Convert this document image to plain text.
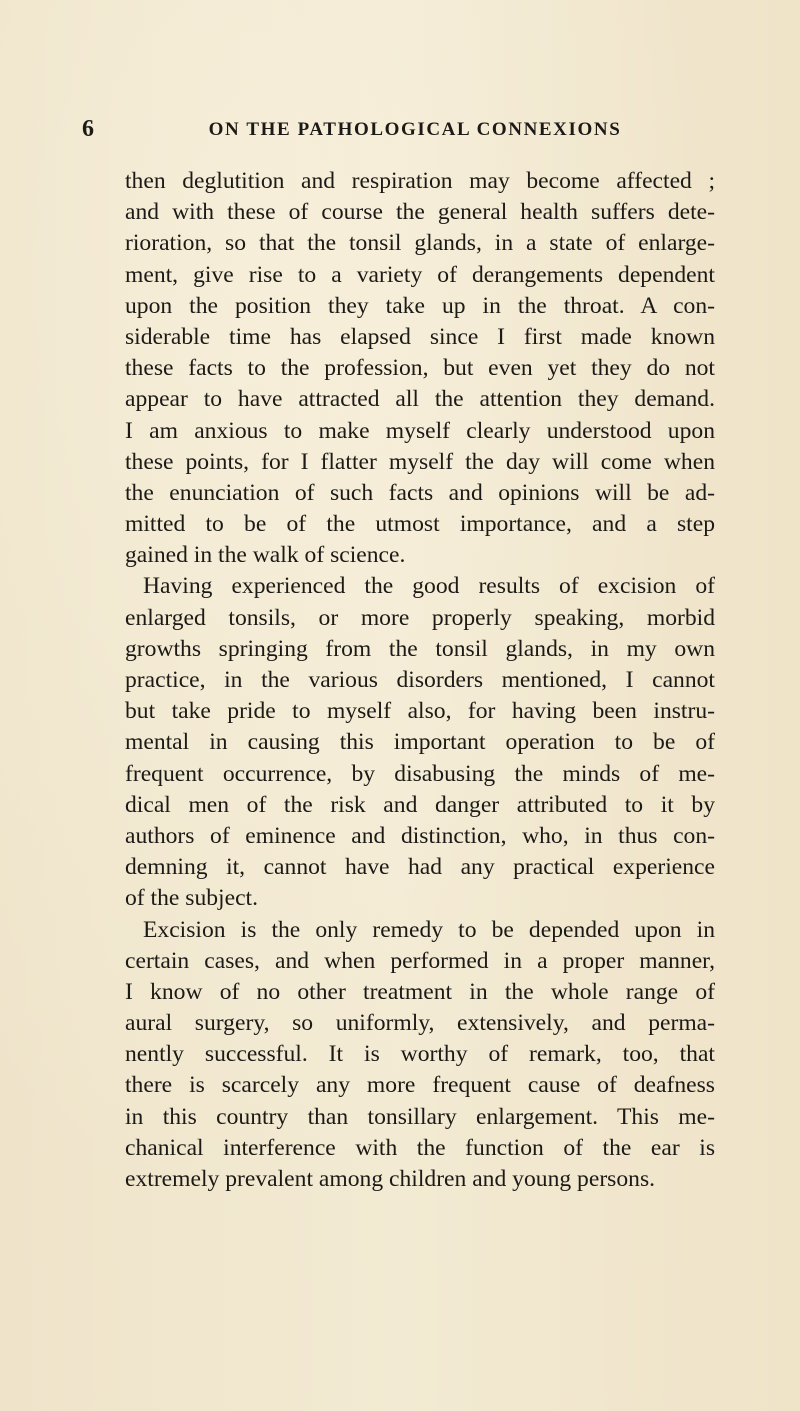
6	ON THE PATHOLOGICAL CONNEXIONS
then deglutition and respiration may become affected ;
and with these of course the general health suffers dete-
rioration, so that the tonsil glands, in a state of enlarge-
ment, give rise to a variety of derangements dependent
upon the position they take up in the throat. A con-
siderable time has elapsed since I first made known
these facts to the profession, but even yet they do not
appear to have attracted all the attention they demand.
I am anxious to make myself clearly understood upon
these points, for I flatter myself the day will come when
the enunciation of such facts and opinions will be ad-
mitted to be of the utmost importance, and a step
gained in the walk of science.
Having experienced the good results of excision of
enlarged tonsils, or more properly speaking, morbid
growths springing from the tonsil glands, in my own
practice, in the various disorders mentioned, I cannot
but take pride to myself also, for having been instru-
mental in causing this important operation to be of
frequent occurrence, by disabusing the minds of me-
dical men of the risk and danger attributed to it by
authors of eminence and distinction, who, in thus con-
demning it, cannot have had any practical experience
of the subject.
Excision is the only remedy to be depended upon in
certain cases, and when performed in a proper manner,
I know of no other treatment in the whole range of
aural surgery, so uniformly, extensively, and perma-
nently successful. It is worthy of remark, too, that
there is scarcely any more frequent cause of deafness
in this country than tonsillary enlargement. This me-
chanical interference with the function of the ear is
extremely prevalent among children and young persons.
